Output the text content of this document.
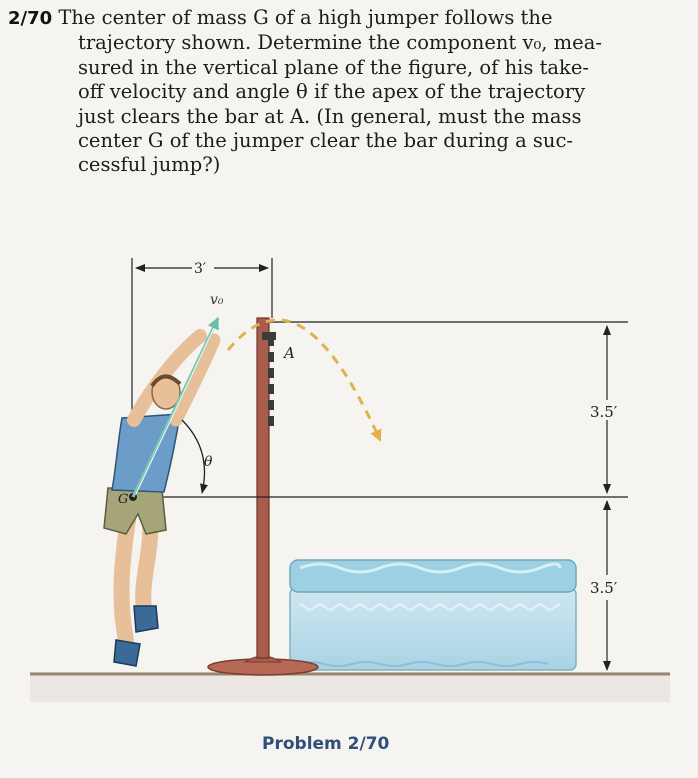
2/70 The center of mass G of a high jumper follows the
trajectory shown. Determine the component v₀, mea-
sured in the vertical plane of the figure, of his take-
off velocity and angle θ if the apex of the trajectory
just clears the bar at A. (In general, must the mass
center G of the jumper clear the bar during a suc-
cessful jump?)
3.5′
3.5′
3′
A
G
v₀
θ
Problem 2/70
